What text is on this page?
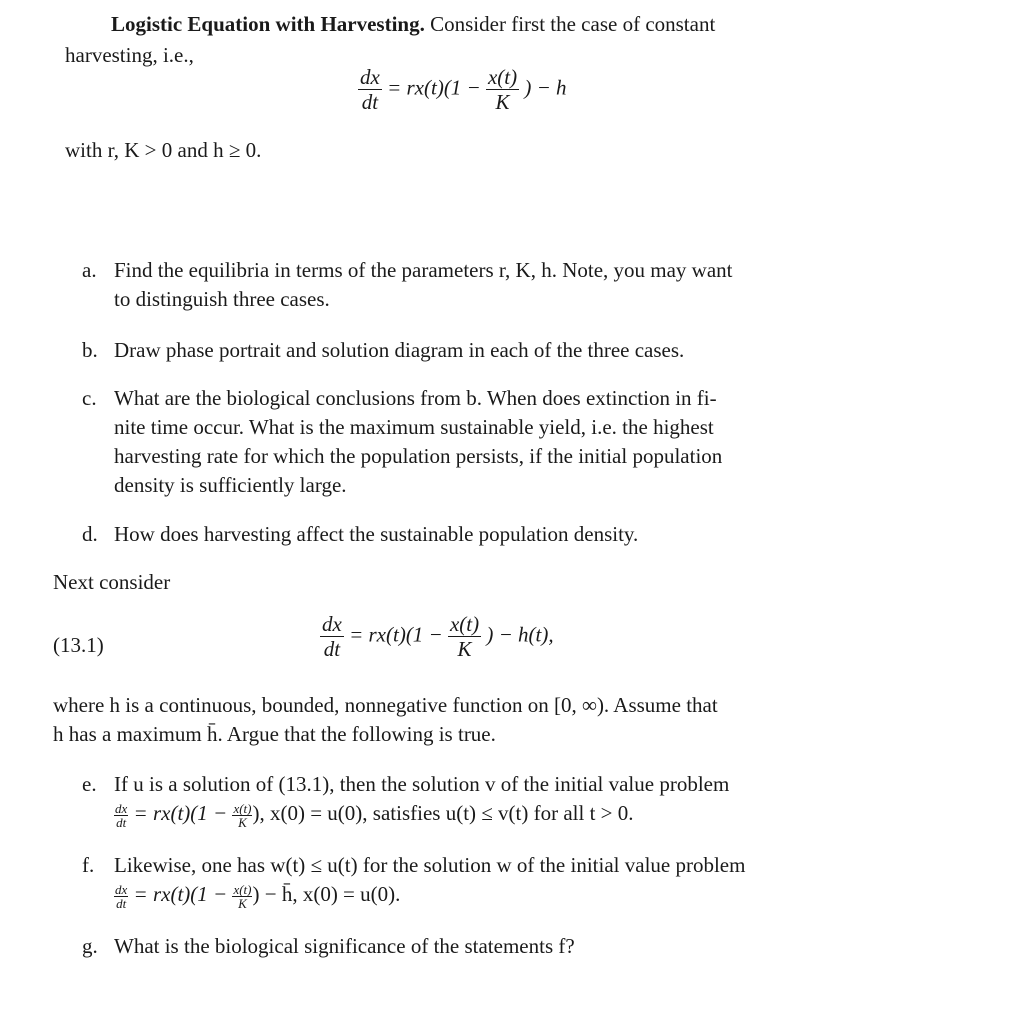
Logistic Equation with Harvesting. Consider first the case of constant
harvesting, i.e.,
$\frac{dx}{dt} = rx(t)(1 - \frac{x(t)}{K}$ ) − h
with r, K > 0 and h ≥ 0.
a. Find the equilibria in terms of the parameters r, K, h. Note, you may want
to distinguish three cases.
b. Draw phase portrait and solution diagram in each of the three cases.
c. What are the biological conclusions from b. When does extinction in fi-
nite time occur. What is the maximum sustainable yield, i.e. the highest
harvesting rate for which the population persists, if the initial population
density is sufficiently large.
d. How does harvesting affect the sustainable population density.
Next consider
(13.1)	$\frac{dx}{dt} = rx(t)(1 - \frac{x(t)}{K}$ ) − h(t),
where h is a continuous, bounded, nonnegative function on [0, ∞). Assume that
h has a maximum h̄. Argue that the following is true.
e. If u is a solution of (13.1), then the solution v of the initial value problem
$\frac{dx}{dt} = rx(t)(1 - \frac{x(t)}{K}$ ), x(0) = u(0), satisfies u(t) ≤ v(t) for all t > 0.
f. Likewise, one has w(t) ≤ u(t) for the solution w of the initial value problem
$\frac{dx}{dt} = rx(t)(1 - \frac{x(t)}{K}$ ) − h̄, x(0) = u(0).
g. What is the biological significance of the statements f?
